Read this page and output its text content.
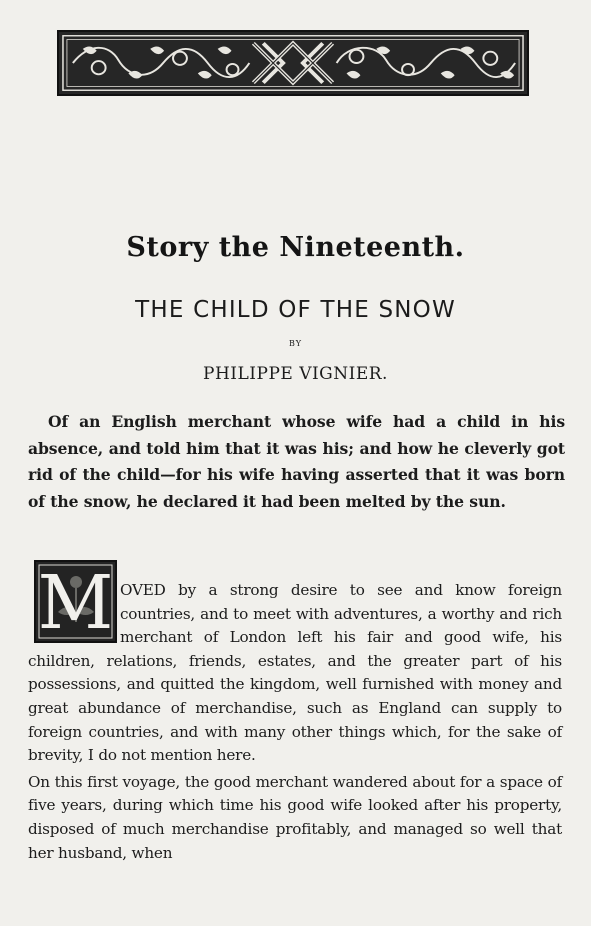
Story the Nineteenth.
THE CHILD OF THE SNOW
BY
PHILIPPE VIGNIER.
Of an English merchant whose wife had a child in his absence, and told him that it was his; and how he cleverly got rid of the child—for his wife having asserted that it was born of the snow, he declared it had been melted by the sun.
M OVED by a strong desire to see and know foreign countries, and to meet with adventures, a worthy and rich merchant of London left his fair and good wife, his children, relations, friends, estates, and the greater part of his possessions, and quitted the kingdom, well furnished with money and great abundance of merchandise, such as England can supply to foreign countries, and with many other things which, for the sake of brevity, I do not mention here.

On this first voyage, the good merchant wandered about for a space of five years, during which time his good wife looked after his property, disposed of much merchandise profitably, and managed so well that her husband, when
